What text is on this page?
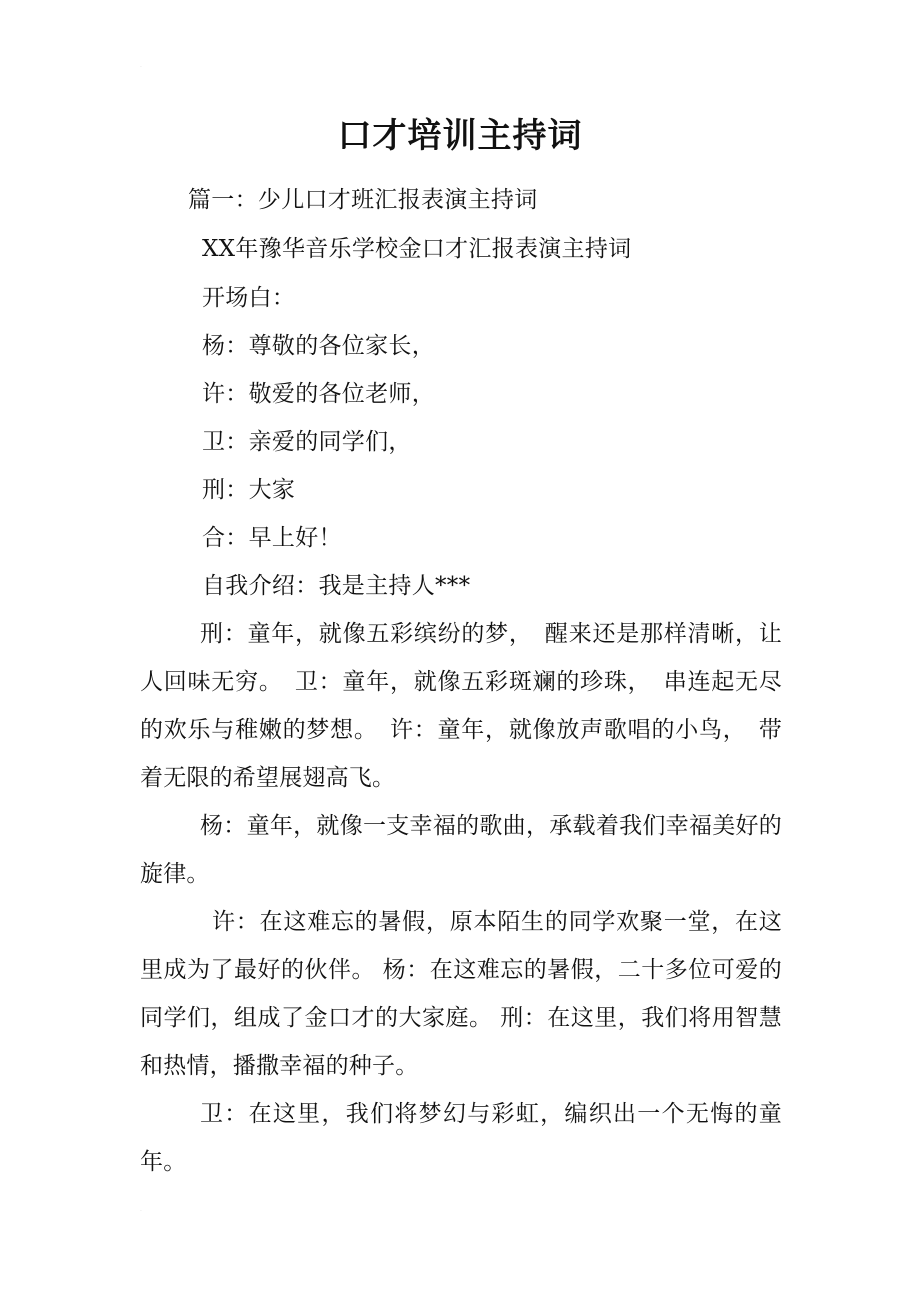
.
.
口才培训主持词
篇一：少儿口才班汇报表演主持词
XX年豫华音乐学校金口才汇报表演主持词
开场白：
杨：尊敬的各位家长，
许：敬爱的各位老师，
卫：亲爱的同学们，
刑：大家
合：早上好！
自我介绍：我是主持人***
刑：童年，就像五彩缤纷的梦，　醒来还是那样清晰，让人回味无穷。　卫：童年，就像五彩斑斓的珍珠，　串连起无尽的欢乐与稚嫩的梦想。　许：童年，就像放声歌唱的小鸟，　带着无限的希望展翅高飞。
杨：童年，就像一支幸福的歌曲，承载着我们幸福美好的旋律。
许：在这难忘的暑假，原本陌生的同学欢聚一堂，在这里成为了最好的伙伴。 杨：在这难忘的暑假，二十多位可爱的同学们，组成了金口才的大家庭。 刑：在这里，我们将用智慧和热情，播撒幸福的种子。
卫：在这里，我们将梦幻与彩虹，编织出一个无悔的童年。
